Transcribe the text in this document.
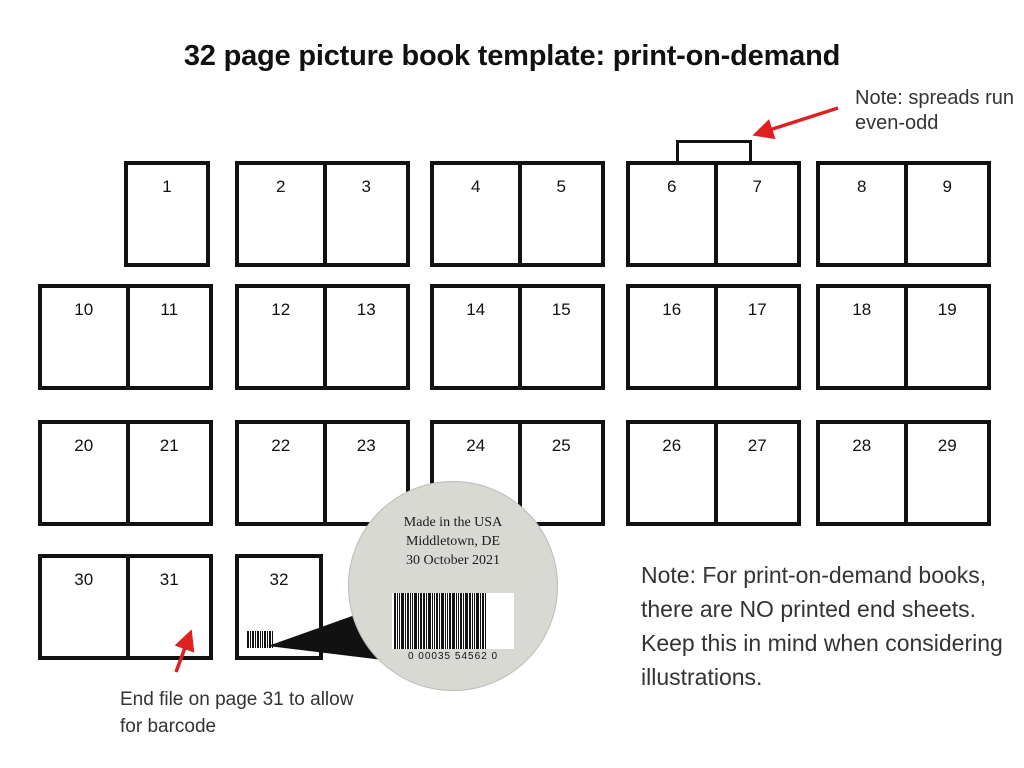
32 page picture book template: print-on-demand
1	2	3	4	5	6	7	8	9
10	11	12	13	14	15	16	17	18	19
20	21	22	23	24	25	26	27	28	29
30	31	32
Made in the USA
Middletown, DE
30 October 2021
0 00035 54562 0
Note: spreads run even-odd
Note: For print-on-demand books, there are NO printed end sheets. Keep this in mind when considering illustrations.
End file on page 31 to allow for barcode
